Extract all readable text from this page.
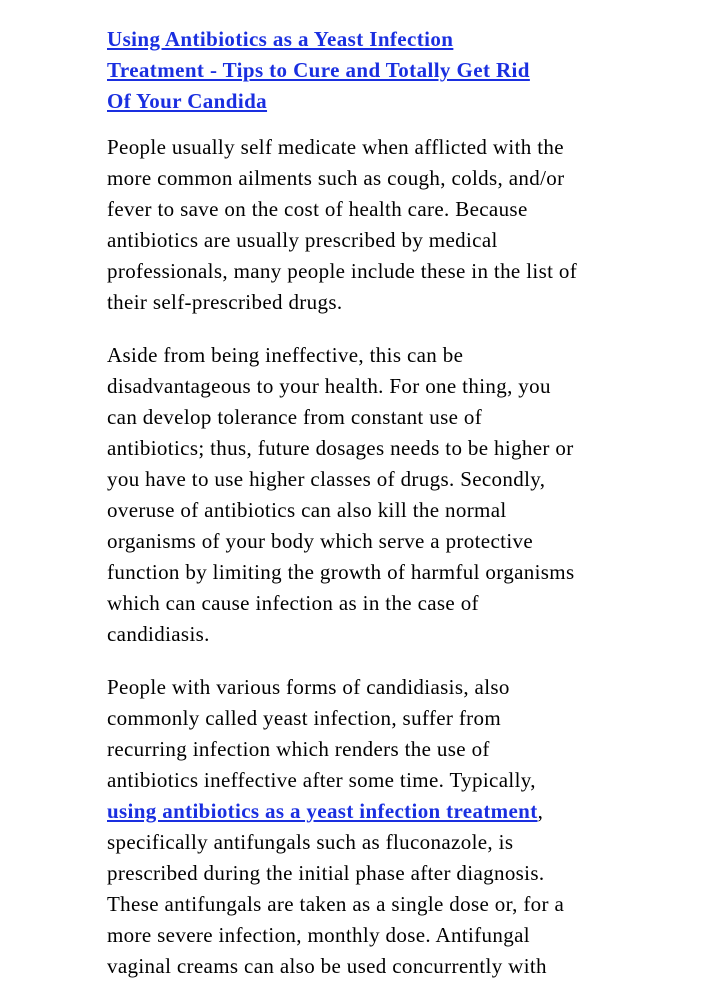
Using Antibiotics as a Yeast Infection
Treatment - Tips to Cure and Totally Get Rid
Of Your Candida

People usually self medicate when afflicted with the
more common ailments such as cough, colds, and/or
fever to save on the cost of health care. Because
antibiotics are usually prescribed by medical
professionals, many people include these in the list of
their self-prescribed drugs.

Aside from being ineffective, this can be
disadvantageous to your health. For one thing, you
can develop tolerance from constant use of
antibiotics; thus, future dosages needs to be higher or
you have to use higher classes of drugs. Secondly,
overuse of antibiotics can also kill the normal
organisms of your body which serve a protective
function by limiting the growth of harmful organisms
which can cause infection as in the case of
candidiasis.

People with various forms of candidiasis, also
commonly called yeast infection, suffer from
recurring infection which renders the use of
antibiotics ineffective after some time. Typically,
using antibiotics as a yeast infection treatment,
specifically antifungals such as fluconazole, is
prescribed during the initial phase after diagnosis.
These antifungals are taken as a single dose or, for a
more severe infection, monthly dose. Antifungal
vaginal creams can also be used concurrently with
